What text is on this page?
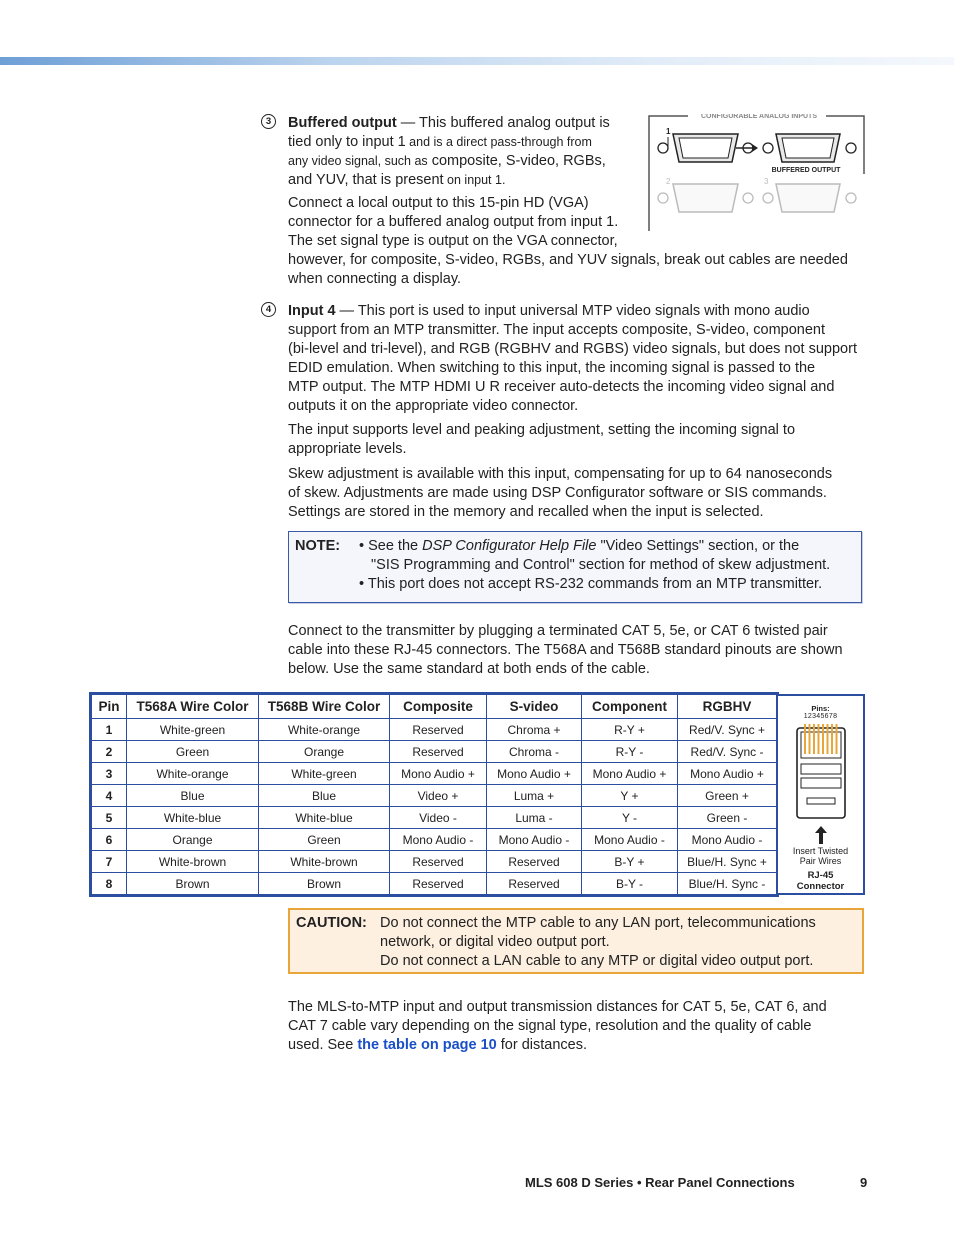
3	Buffered output — This buffered analog output is
tied only to input 1 and is a direct pass-through from
any video signal, such as composite, S-video, RGBs,
and YUV, that is present on input 1.
Connect a local output to this 15-pin HD (VGA)
connector for a buffered analog output from input 1.
The set signal type is output on the VGA connector,
however, for composite, S-video, RGBs, and YUV signals, break out cables are needed
when connecting a display.
CONFIGURABLE ANALOG INPUTS
1
BUFFERED OUTPUT
2	3
4	Input 4 — This port is used to input universal MTP video signals with mono audio
support from an MTP transmitter. The input accepts composite, S-video, component
(bi-level and tri-level), and RGB (RGBHV and RGBS) video signals, but does not support
EDID emulation. When switching to this input, the incoming signal is passed to the
MTP output. The MTP HDMI U R receiver auto-detects the incoming video signal and
outputs it on the appropriate video connector.
The input supports level and peaking adjustment, setting the incoming signal to
appropriate levels.
Skew adjustment is available with this input, compensating for up to 64 nanoseconds
of skew. Adjustments are made using DSP Configurator software or SIS commands.
Settings are stored in the memory and recalled when the input is selected.
NOTE: • See the DSP Configurator Help File "Video Settings" section, or the
"SIS Programming and Control" section for method of skew adjustment.
• This port does not accept RS-232 commands from an MTP transmitter.
Connect to the transmitter by plugging a terminated CAT 5, 5e, or CAT 6 twisted pair
cable into these RJ-45 connectors. The T568A and T568B standard pinouts are shown
below. Use the same standard at both ends of the cable.
Pin	T568A Wire Color	T568B Wire Color	Composite	S-video	Component	RGBHV
1	White-green	White-orange	Reserved	Chroma +	R-Y +	Red/V. Sync +
2	Green	Orange	Reserved	Chroma -	R-Y -	Red/V. Sync -
3	White-orange	White-green	Mono Audio +	Mono Audio +	Mono Audio +	Mono Audio +
4	Blue	Blue	Video +	Luma +	Y +	Green +
5	White-blue	White-blue	Video -	Luma -	Y -	Green -
6	Orange	Green	Mono Audio -	Mono Audio -	Mono Audio -	Mono Audio -
7	White-brown	White-brown	Reserved	Reserved	B-Y +	Blue/H. Sync +
8	Brown	Brown	Reserved	Reserved	B-Y -	Blue/H. Sync -
Pins:
12345678
Insert Twisted
Pair Wires
RJ-45
Connector
CAUTION: Do not connect the MTP cable to any LAN port, telecommunications
network, or digital video output port.
Do not connect a LAN cable to any MTP or digital video output port.
The MLS-to-MTP input and output transmission distances for CAT 5, 5e, CAT 6, and
CAT 7 cable vary depending on the signal type, resolution and the quality of cable
used. See the table on page 10 for distances.
MLS 608 D Series • Rear Panel Connections	9
